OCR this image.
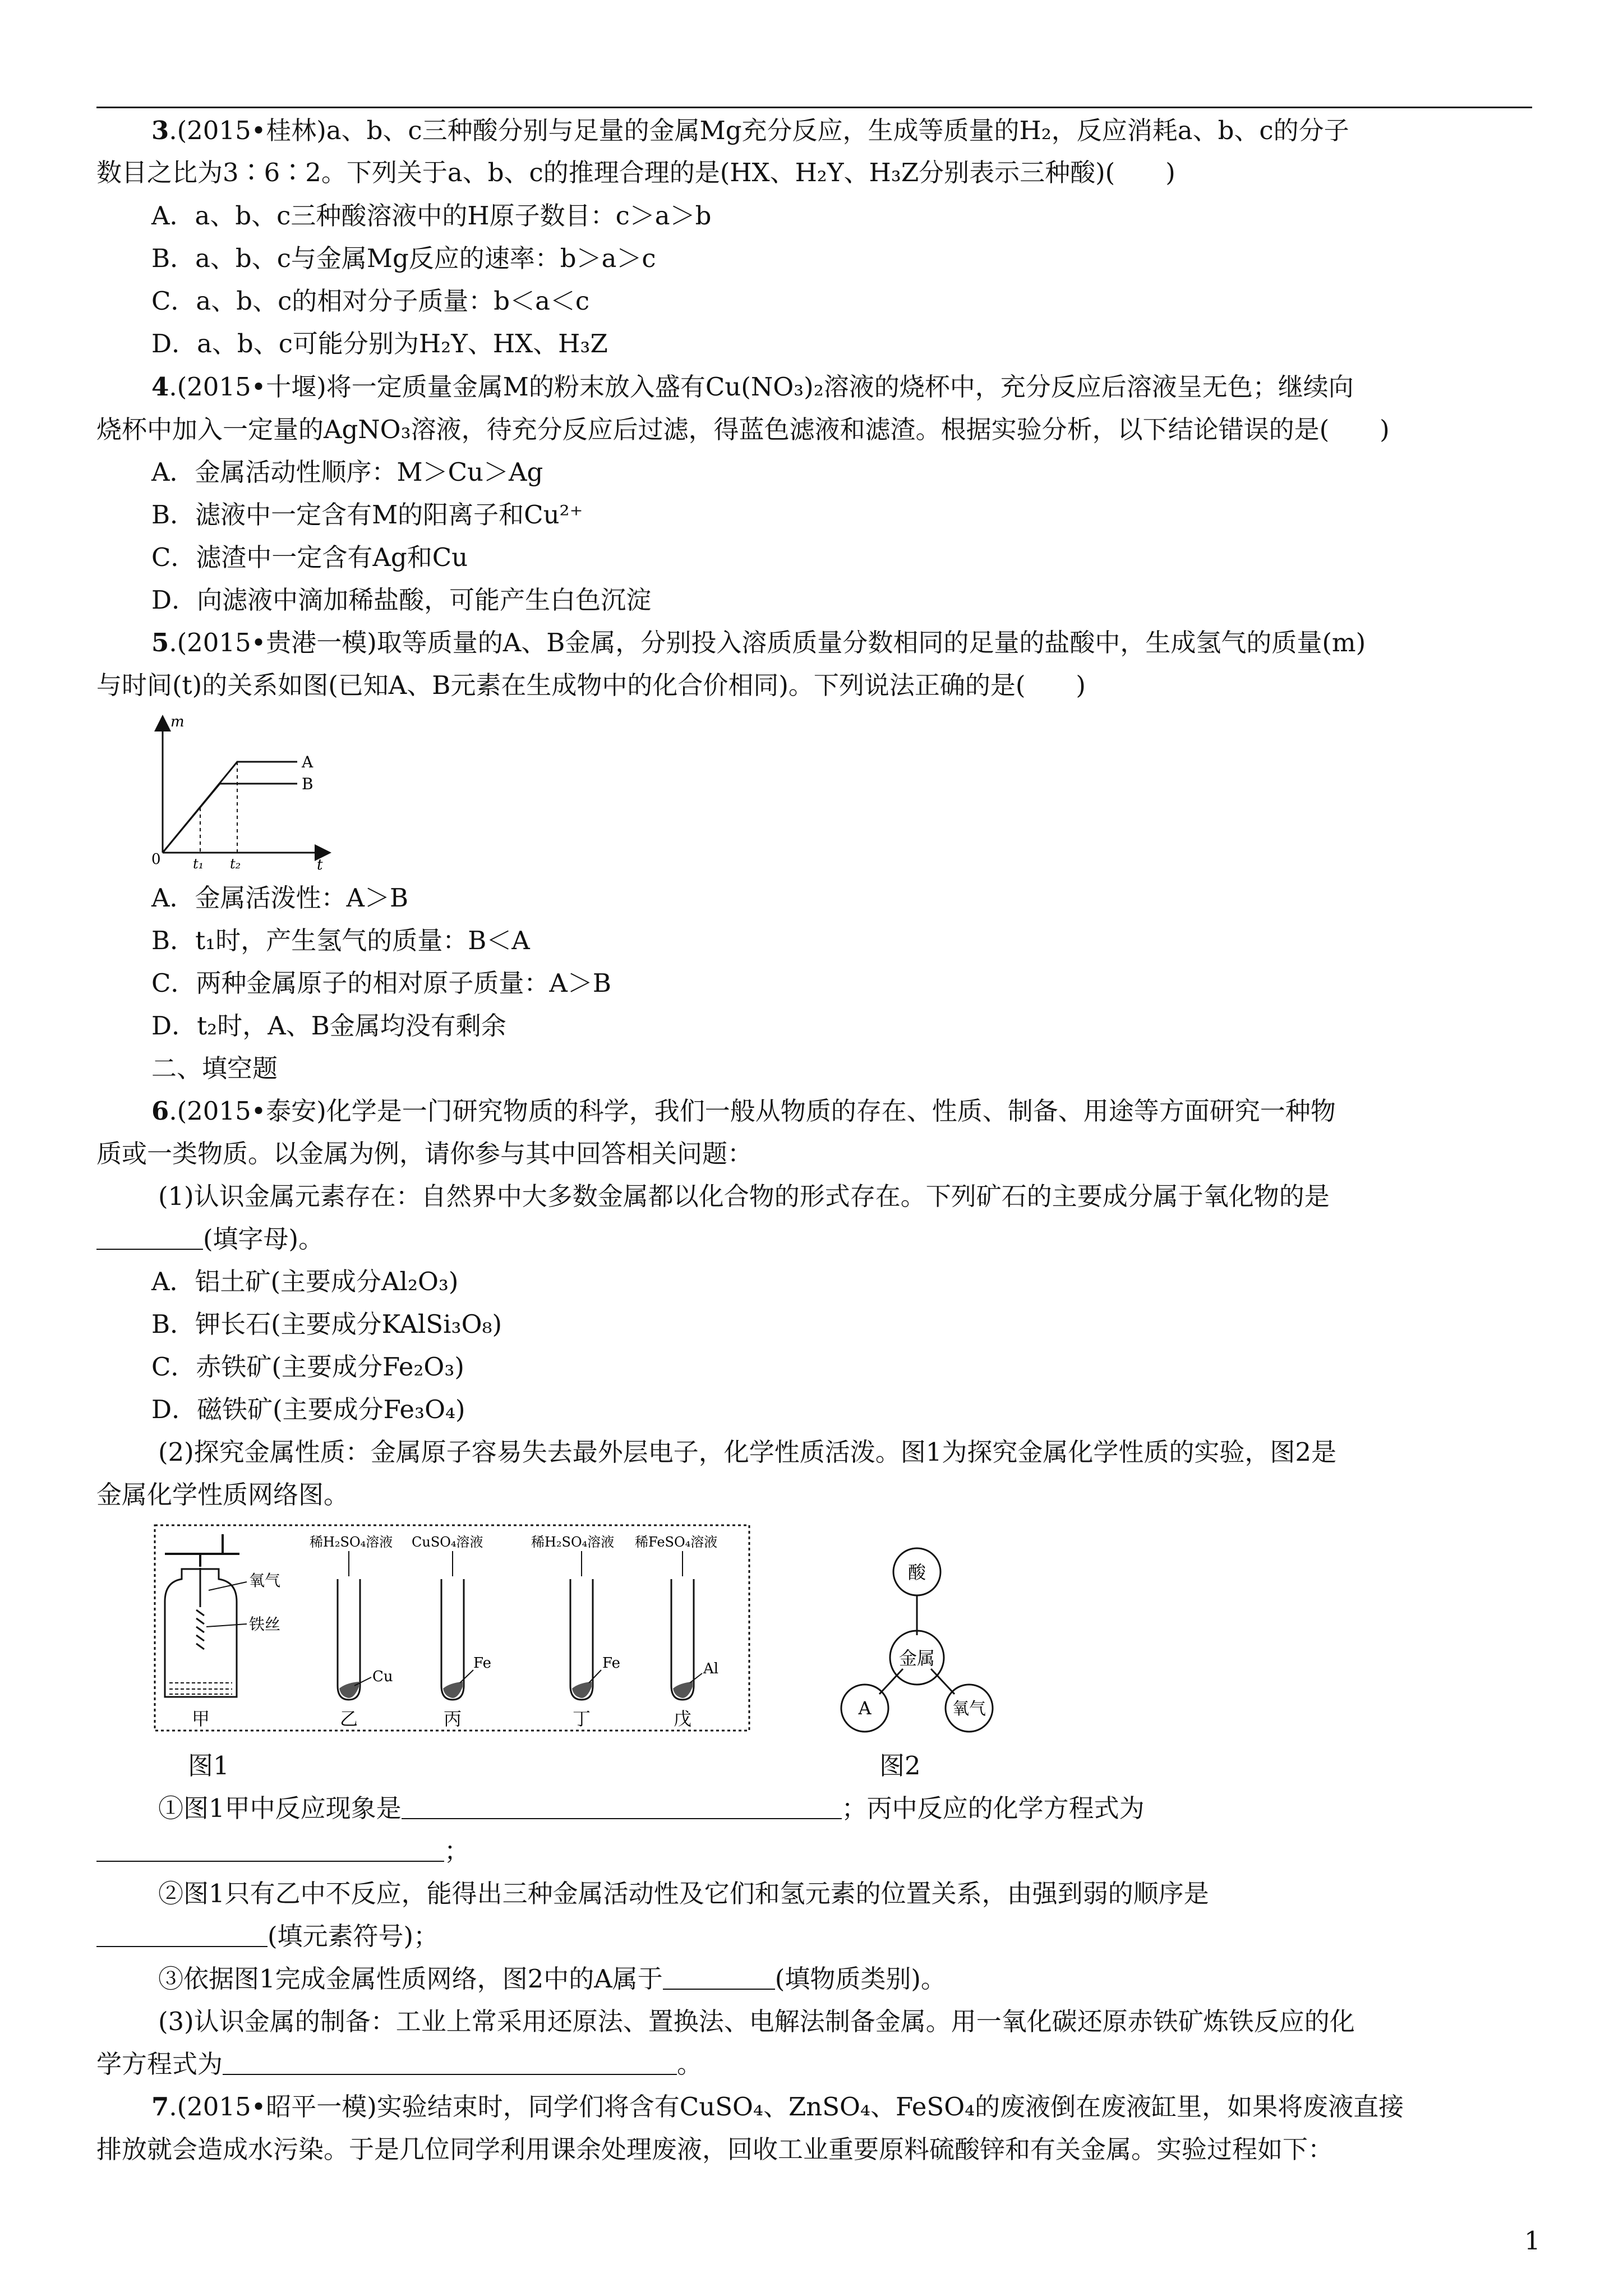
3.(2015•桂林)a、b、c三种酸分别与足量的金属Mg充分反应，生成等质量的H₂，反应消耗a、b、c的分子
数目之比为3∶6∶2。下列关于a、b、c的推理合理的是(HX、H₂Y、H₃Z分别表示三种酸)(　　)
A．a、b、c三种酸溶液中的H原子数目：c＞a＞b
B．a、b、c与金属Mg反应的速率：b＞a＞c
C．a、b、c的相对分子质量：b＜a＜c
D．a、b、c可能分别为H₂Y、HX、H₃Z
4.(2015•十堰)将一定质量金属M的粉末放入盛有Cu(NO₃)₂溶液的烧杯中，充分反应后溶液呈无色；继续向
烧杯中加入一定量的AgNO₃溶液，待充分反应后过滤，得蓝色滤液和滤渣。根据实验分析，以下结论错误的是(　　)
A．金属活动性顺序：M＞Cu＞Ag
B．滤液中一定含有M的阳离子和Cu²⁺
C．滤渣中一定含有Ag和Cu
D．向滤液中滴加稀盐酸，可能产生白色沉淀
5.(2015•贵港一模)取等质量的A、B金属，分别投入溶质质量分数相同的足量的盐酸中，生成氢气的质量(m)
与时间(t)的关系如图(已知A、B元素在生成物中的化合价相同)。下列说法正确的是(　　)
m
t
0 t₁ t₂
A
B
A．金属活泼性：A＞B
B．t₁时，产生氢气的质量：B＜A
C．两种金属原子的相对原子质量：A＞B
D．t₂时，A、B金属均没有剩余
二、填空题
6.(2015•泰安)化学是一门研究物质的科学，我们一般从物质的存在、性质、制备、用途等方面研究一种物
质或一类物质。以金属为例，请你参与其中回答相关问题：
(1)认识金属元素存在：自然界中大多数金属都以化合物的形式存在。下列矿石的主要成分属于氧化物的是
(填字母)。
A．铝土矿(主要成分Al₂O₃)
B．钾长石(主要成分KAlSi₃O₈)
C．赤铁矿(主要成分Fe₂O₃)
D．磁铁矿(主要成分Fe₃O₄)
(2)探究金属性质：金属原子容易失去最外层电子，化学性质活泼。图1为探究金属化学性质的实验，图2是
金属化学性质网络图。
氧气
铁丝
甲
稀H₂SO₄溶液 CuSO₄溶液	稀H₂SO₄溶液 稀FeSO₄溶液
Cu
Fe	Fe	Al
乙	丙	丁	戊
图1
酸
金属
A	氧气
图2
①图1甲中反应现象是	；丙中反应的化学方程式为
；
②图1只有乙中不反应，能得出三种金属活动性及它们和氢元素的位置关系，由强到弱的顺序是
(填元素符号)；
③依据图1完成金属性质网络，图2中的A属于	(填物质类别)。
(3)认识金属的制备：工业上常采用还原法、置换法、电解法制备金属。用一氧化碳还原赤铁矿炼铁反应的化
学方程式为	。
7.(2015•昭平一模)实验结束时，同学们将含有CuSO₄、ZnSO₄、FeSO₄的废液倒在废液缸里，如果将废液直接
排放就会造成水污染。于是几位同学利用课余处理废液，回收工业重要原料硫酸锌和有关金属。实验过程如下：
1
